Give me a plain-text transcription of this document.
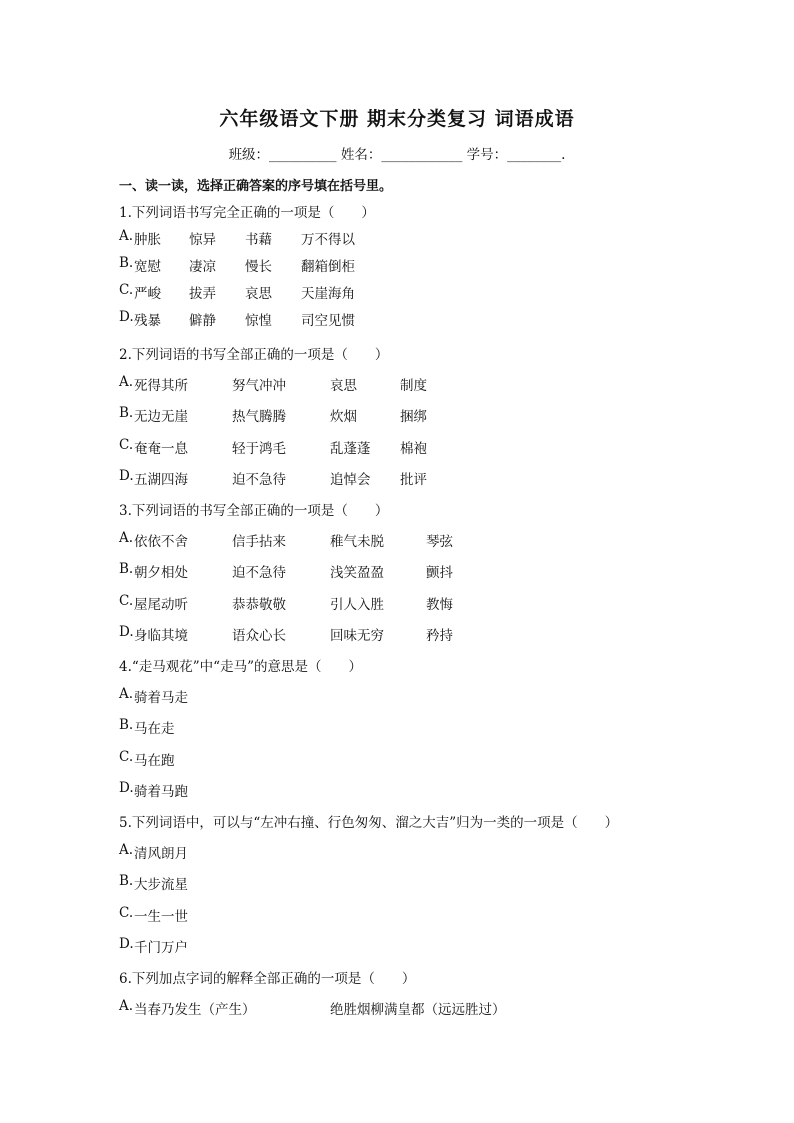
六年级语文下册 期末分类复习 词语成语
班级：__________ 姓名：____________ 学号：________.
一、读一读，选择正确答案的序号填在括号里。
1.下列词语书写完全正确的一项是（　　）
A. 肿胀 惊异 书藉 万不得以
B. 宽慰 凄凉 慢长 翻箱倒柜
C. 严峻 拔弄 哀思 天崖海角
D. 残暴 僻静 惊惶 司空见惯
2.下列词语的书写全部正确的一项是（　　）
A. 死得其所	努气冲冲	哀思	制度
B. 无边无崖	热气腾腾	炊烟	捆绑
C. 奄奄一息	轻于鸿毛	乱蓬蓬 棉袍
D. 五湖四海	迫不急待	追悼会 批评
3.下列词语的书写全部正确的一项是（　　）
A. 依依不舍	信手拈来	稚气未脱	琴弦
B. 朝夕相处	迫不急待	浅笑盈盈	颤抖
C. 屋尾动听	恭恭敬敬	引人入胜	教悔
D. 身临其境	语众心长	回味无穷	矜持
4.“走马观花”中“走马”的意思是（　　）
A. 骑着马走
B. 马在走
C. 马在跑
D. 骑着马跑
5.下列词语中，可以与“左冲右撞、行色匆匆、溜之大吉”归为一类的一项是（　　）
A. 清风朗月
B. 大步流星
C. 一生一世
D. 千门万户
6.下列加点字词的解释全部正确的一项是（　　）
A. 当春乃发生（产生）	绝胜烟柳满皇都（远远胜过）
